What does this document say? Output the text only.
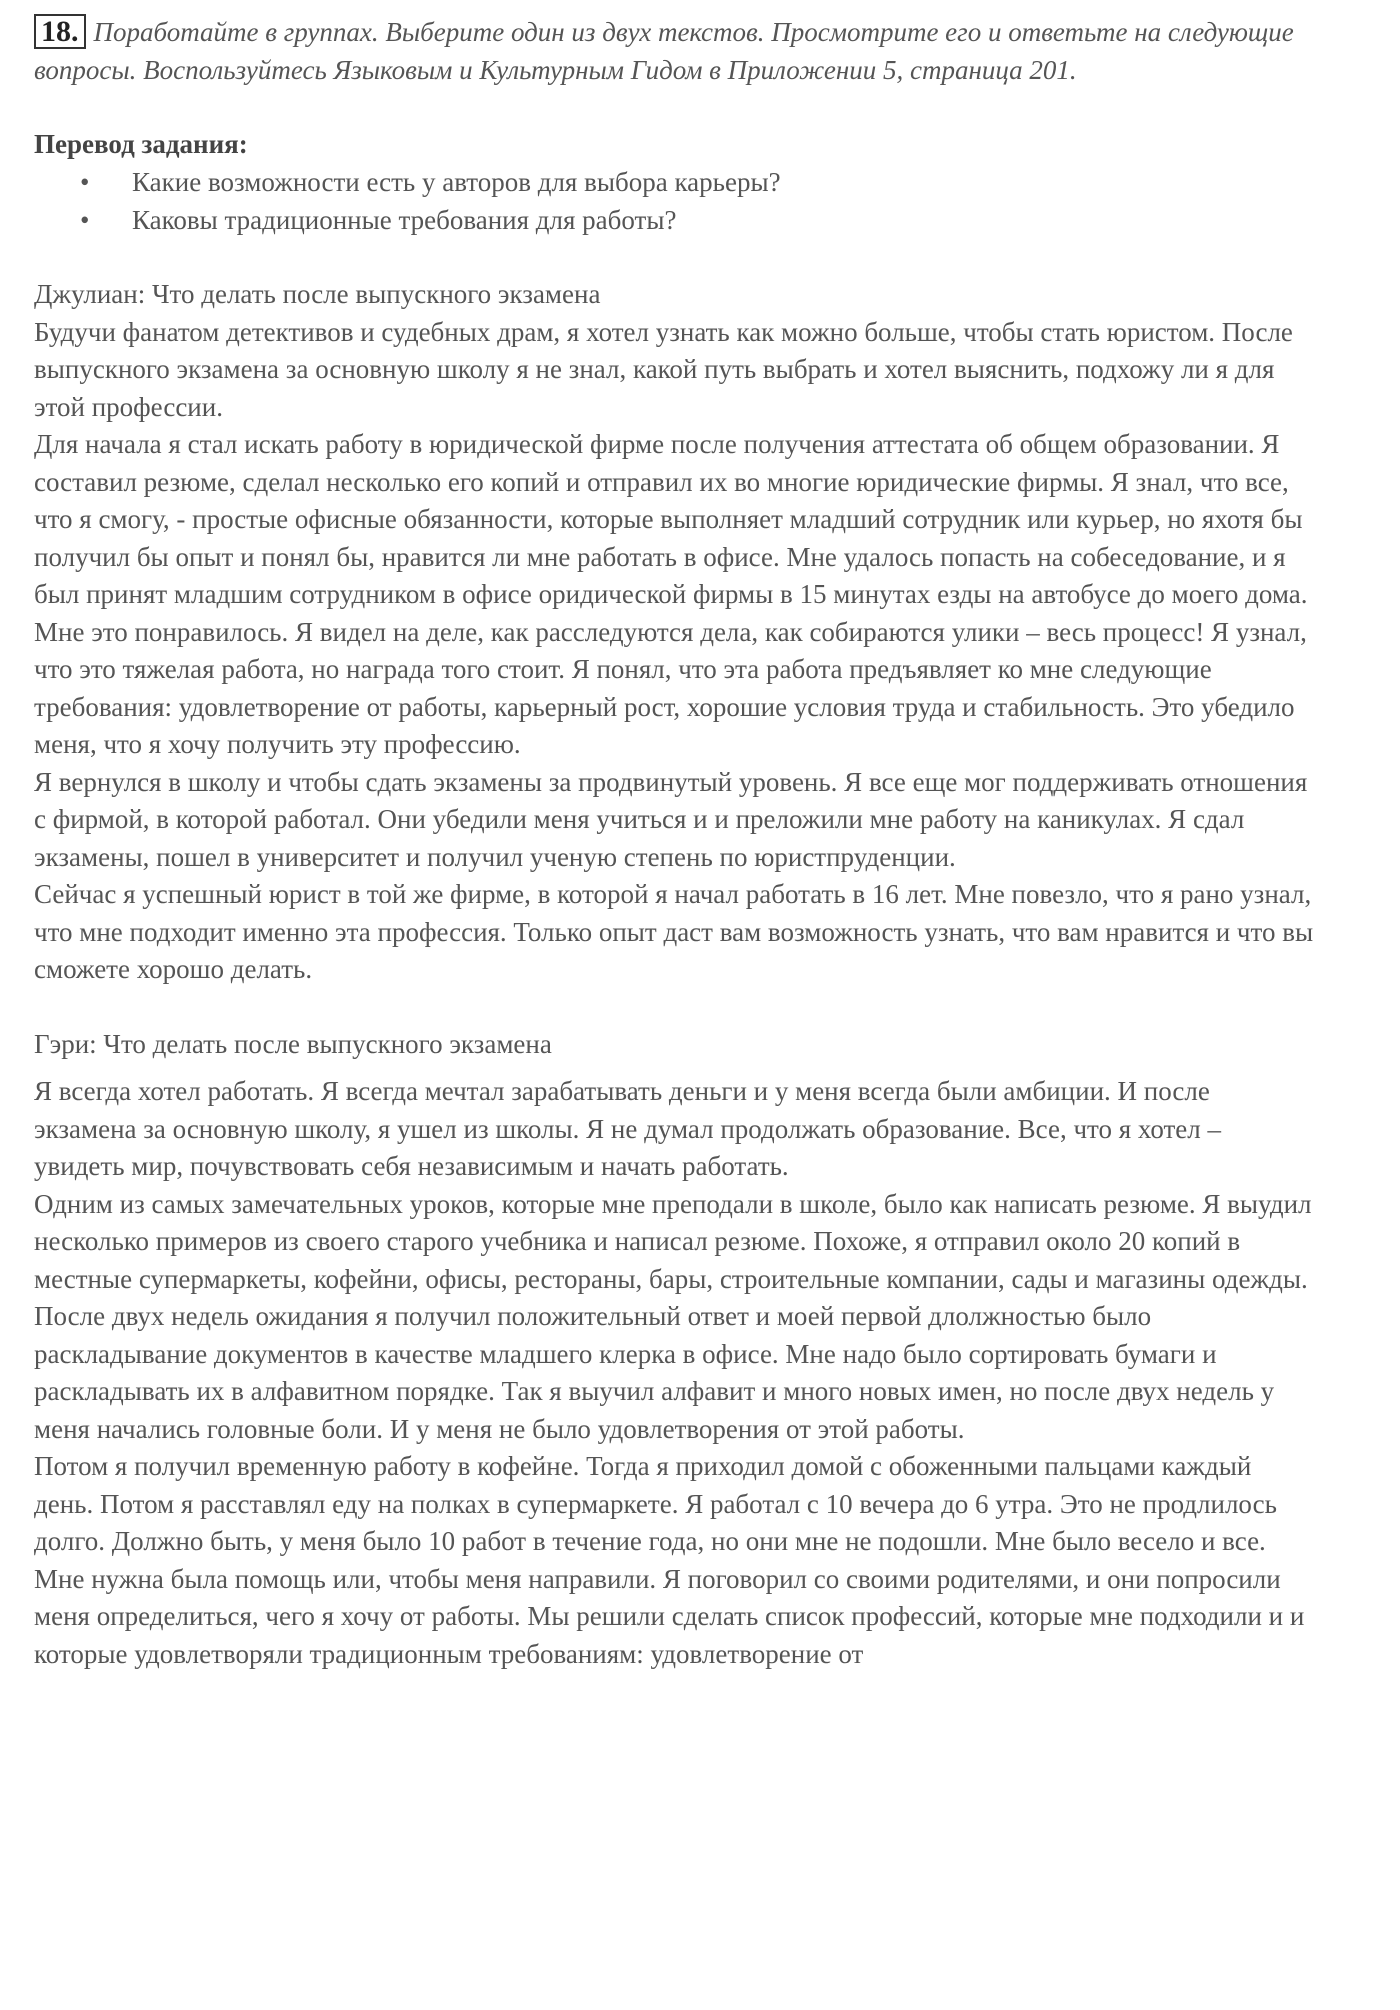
18. Поработайте в группах. Выберите один из двух текстов. Просмотрите его и ответьте на следующие вопросы. Воспользуйтесь Языковым и Культурным Гидом в Приложении 5, страница 201.

Перевод задания:
• Какие возможности есть у авторов для выбора карьеры?
• Каковы традиционные требования для работы?
Джулиан: Что делать после выпускного экзамена

Будучи фанатом детективов и судебных драм, я хотел узнать как можно больше, чтобы стать юристом. После выпускного экзамена за основную школу я не знал, какой путь выбрать и хотел выяснить, подхожу ли я для этой профессии.

Для начала я стал искать работу в юридической фирме после получения аттестата об общем образовании. Я составил резюме, сделал несколько его копий и отправил их во многие юридические фирмы. Я знал, что все, что я смогу, - простые офисные обязанности, которые выполняет младший сотрудник или курьер, но яхотя бы получил бы опыт и понял бы, нравится ли мне работать в офисе. Мне удалось попасть на собеседование, и я был принят младшим сотрудником в офисе оридической фирмы в 15 минутах езды на автобусе до моего дома.

Мне это понравилось. Я видел на деле, как расследуются дела, как собираются улики – весь процесс! Я узнал, что это тяжелая работа, но награда того стоит. Я понял, что эта работа предъявляет ко мне следующие требования: удовлетворение от работы, карьерный рост, хорошие условия труда и стабильность. Это убедило меня, что я хочу получить эту профессию.

Я вернулся в школу и чтобы сдать экзамены за продвинутый уровень. Я все еще мог поддерживать отношения с фирмой, в которой работал. Они убедили меня учиться и и преложили мне работу на каникулах. Я сдал экзамены, пошел в университет и получил ученую степень по юристпруденции.

Сейчас я успешный юрист в той же фирме, в которой я начал работать в 16 лет. Мне повезло, что я рано узнал, что мне подходит именно эта профессия. Только опыт даст вам возможность узнать, что вам нравится и что вы сможете хорошо делать.

Гэри: Что делать после выпускного экзамена

Я всегда хотел работать. Я всегда мечтал зарабатывать деньги и у меня всегда были амбиции. И после экзамена за основную школу, я ушел из школы. Я не думал продолжать образование. Все, что я хотел – увидеть мир, почувствовать себя независимым и начать работать.

Одним из самых замечательных уроков, которые мне преподали в школе, было как написать резюме. Я выудил несколько примеров из своего старого учебника и написал резюме. Похоже, я отправил около 20 копий в местные супермаркеты, кофейни, офисы, рестораны, бары, строительные компании, сады и магазины одежды.

После двух недель ожидания я получил положительный ответ и моей первой длолжностью было раскладывание документов в качестве младшего клерка в офисе. Мне надо было сортировать бумаги и раскладывать их в алфавитном порядке. Так я выучил алфавит и много новых имен, но после двух недель у меня начались головные боли. И у меня не было удовлетворения от этой работы.

Потом я получил временную работу в кофейне. Тогда я приходил домой с обоженными пальцами каждый день. Потом я расставлял еду на полках в супермаркете. Я работал с 10 вечера до 6 утра. Это не продлилось долго. Должно быть, у меня было 10 работ в течение года, но они мне не подошли. Мне было весело и все. Мне нужна была помощь или, чтобы меня направили. Я поговорил со своими родителями, и они попросили меня определиться, чего я хочу от работы. Мы решили сделать список профессий, которые мне подходили и и которые удовлетворяли традиционным требованиям: удовлетворение от
